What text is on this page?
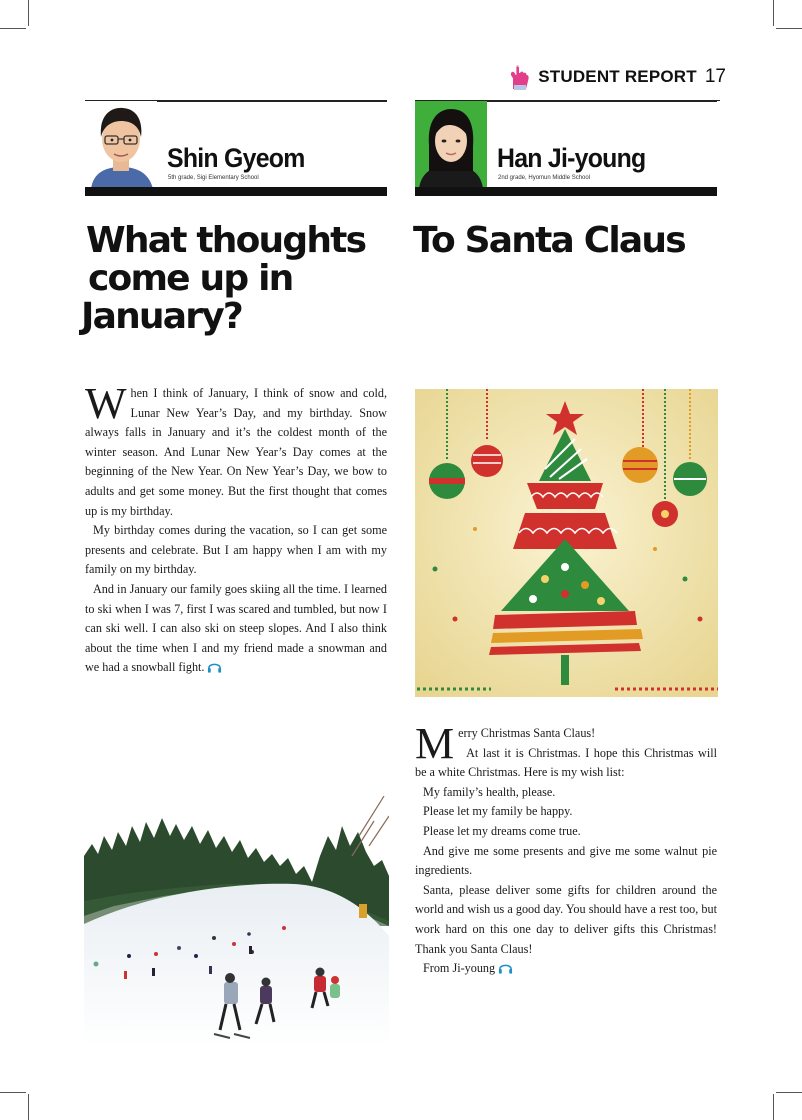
STUDENT REPORT 17
Shin Gyeom
5th grade, Sigi Elementary School
Han Ji-young
2nd grade, Hyomun Middle School
What thoughts
come up in
January?
To Santa Claus

When I think of January, I think of snow and cold, Lunar New Year’s Day, and my birthday. Snow always falls in January and it’s the coldest month of the winter season. And Lunar New Year’s Day comes at the beginning of the New Year. On New Year’s Day, we bow to adults and get some money. But the first thought that comes up is my birthday.

My birthday comes during the vacation, so I can get some presents and celebrate. But I am happy when I am with my family on my birthday.

And in January our family goes skiing all the time. I learned to ski when I was 7, first I was scared and tumbled, but now I can ski well. I can also ski on steep slopes. And I also think about the time when I and my friend made a snowman and we had a snowball fight.

Merry Christmas Santa Claus!

At last it is Christmas. I hope this Christmas will be a white Christmas. Here is my wish list:

My family’s health, please.

Please let my family be happy.

Please let my dreams come true.

And give me some presents and give me some walnut pie ingredients.

Santa, please deliver some gifts for children around the world and wish us a good day. You should have a rest too, but work hard on this one day to deliver gifts this Christmas! Thank you Santa Claus!

From Ji-young
